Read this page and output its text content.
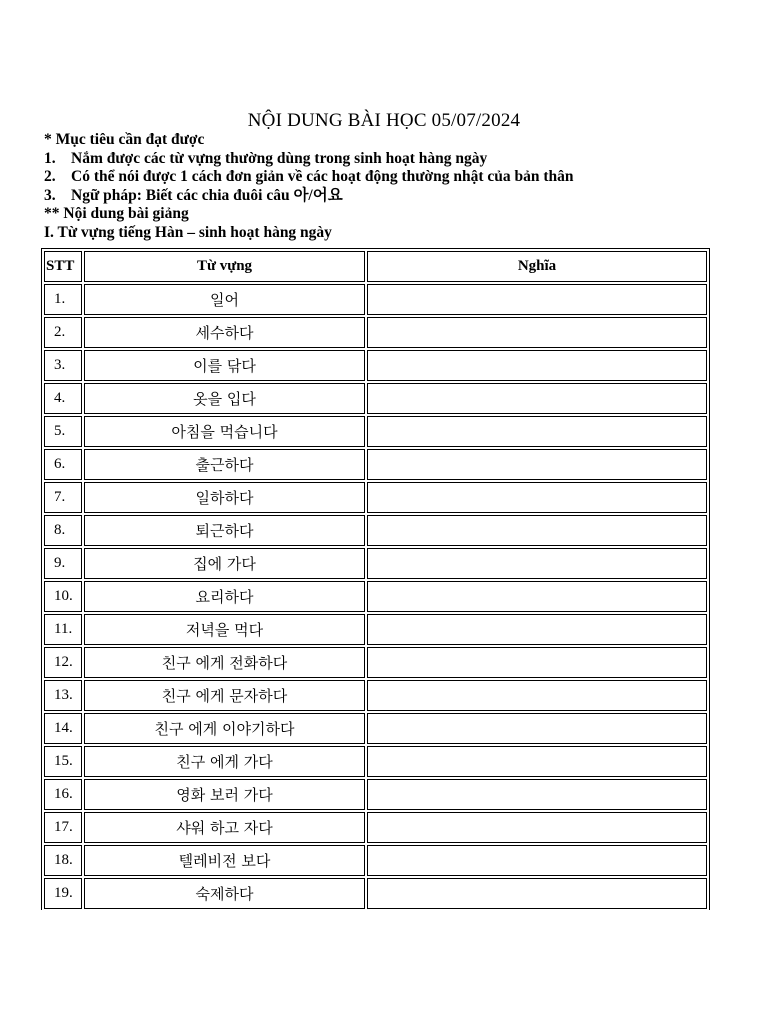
NỘI DUNG BÀI HỌC 05/07/2024
* Mục tiêu cần đạt được
1. Nắm được các từ vựng thường dùng trong sinh hoạt hàng ngày
2. Có thể nói được 1 cách đơn giản về các hoạt động thường nhật của bản thân
3. Ngữ pháp: Biết các chia đuôi câu 아/어요
** Nội dung bài giảng
I. Từ vựng tiếng Hàn – sinh hoạt hàng ngày
STT	Từ vựng	Nghĩa
1.	일어	
2.	세수하다	
3.	이를 닦다	
4.	옷을 입다	
5.	아침을 먹습니다	
6.	출근하다	
7.	일하하다	
8.	퇴근하다	
9.	집에 가다	
10.	요리하다	
11.	저녁을 먹다	
12.	친구 에게 전화하다	
13.	친구 에게 문자하다	
14.	친구 에게 이야기하다	
15.	친구 에게 가다	
16.	영화 보러 가다	
17.	샤워 하고 자다	
18.	텔레비전 보다	
19.	숙제하다	
